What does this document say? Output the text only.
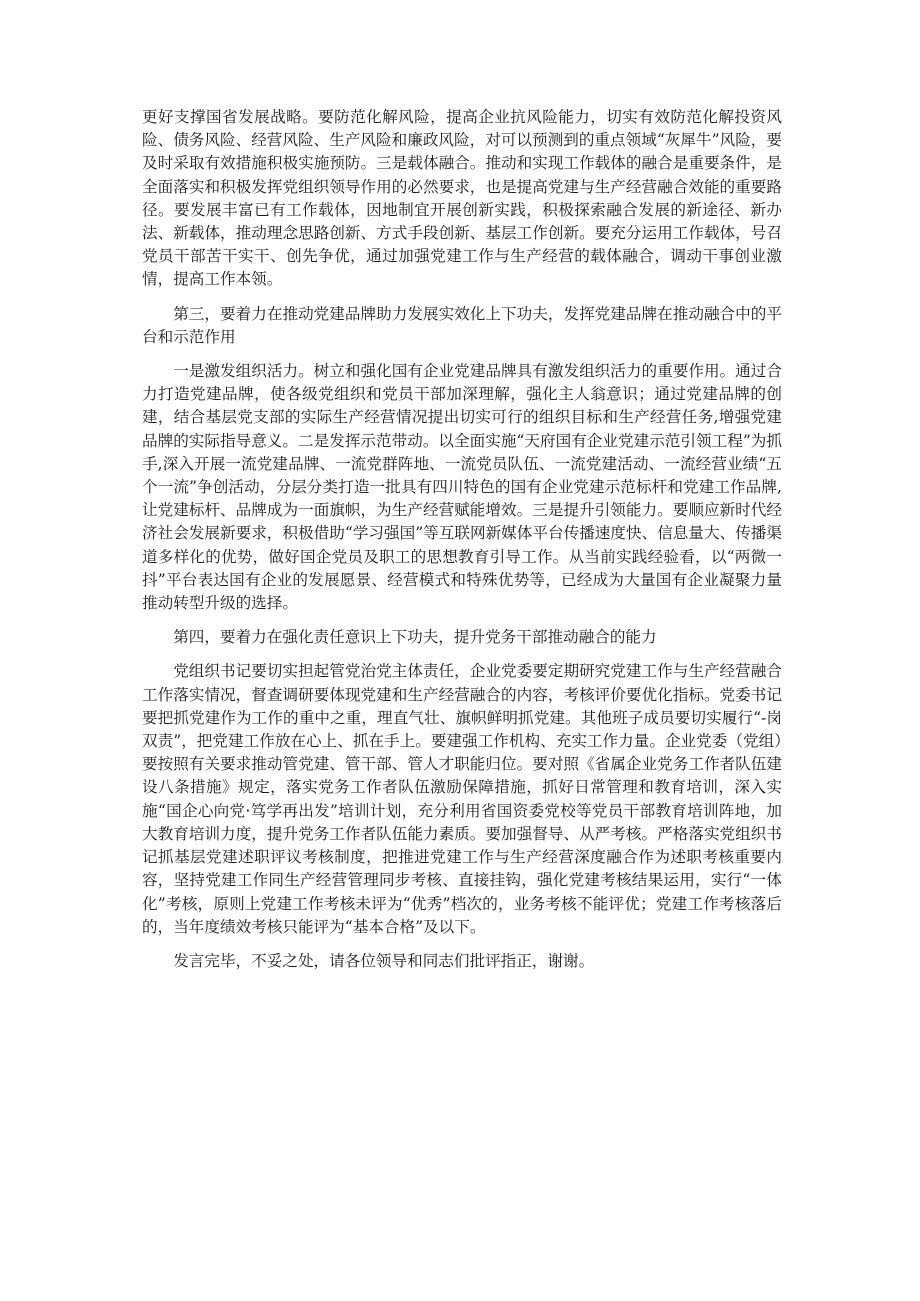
更好支撑国省发展战略。要防范化解风险，提高企业抗风险能力，切实有效防范化解投资风险、债务风险、经营风险、生产风险和廉政风险，对可以预测到的重点领域“灰犀牛”风险，要及时采取有效措施积极实施预防。三是载体融合。推动和实现工作载体的融合是重要条件，是全面落实和积极发挥党组织领导作用的必然要求，也是提高党建与生产经营融合效能的重要路径。要发展丰富已有工作载体，因地制宜开展创新实践，积极探索融合发展的新途径、新办法、新载体，推动理念思路创新、方式手段创新、基层工作创新。要充分运用工作载体，号召党员干部苦干实干、创先争优，通过加强党建工作与生产经营的载体融合，调动干事创业激情，提高工作本领。

第三，要着力在推动党建品牌助力发展实效化上下功夫，发挥党建品牌在推动融合中的平台和示范作用

一是激发组织活力。树立和强化国有企业党建品牌具有激发组织活力的重要作用。通过合力打造党建品牌，使各级党组织和党员干部加深理解，强化主人翁意识；通过党建品牌的创建，结合基层党支部的实际生产经营情况提出切实可行的组织目标和生产经营任务,增强党建品牌的实际指导意义。二是发挥示范带动。以全面实施“天府国有企业党建示范引领工程”为抓手,深入开展一流党建品牌、一流党群阵地、一流党员队伍、一流党建活动、一流经营业绩“五个一流”争创活动，分层分类打造一批具有四川特色的国有企业党建示范标杆和党建工作品牌,让党建标杆、品牌成为一面旗帜，为生产经营赋能增效。三是提升引领能力。要顺应新时代经济社会发展新要求，积极借助“学习强国”等互联网新媒体平台传播速度快、信息量大、传播渠道多样化的优势，做好国企党员及职工的思想教育引导工作。从当前实践经验看，以“两微一抖”平台表达国有企业的发展愿景、经营模式和特殊优势等，已经成为大量国有企业凝聚力量推动转型升级的选择。

第四，要着力在强化责任意识上下功夫，提升党务干部推动融合的能力

党组织书记要切实担起管党治党主体责任，企业党委要定期研究党建工作与生产经营融合工作落实情况，督查调研要体现党建和生产经营融合的内容，考核评价要优化指标。党委书记要把抓党建作为工作的重中之重，理直气壮、旗帜鲜明抓党建。其他班子成员要切实履行“-岗双责”，把党建工作放在心上、抓在手上。要建强工作机构、充实工作力量。企业党委（党组）要按照有关要求推动管党建、管干部、管人才职能归位。要对照《省属企业党务工作者队伍建设八条措施》规定，落实党务工作者队伍激励保障措施，抓好日常管理和教育培训，深入实施“国企心向党·笃学再出发”培训计划，充分利用省国资委党校等党员干部教育培训阵地，加大教育培训力度，提升党务工作者队伍能力素质。要加强督导、从严考核。严格落实党组织书记抓基层党建述职评议考核制度，把推进党建工作与生产经营深度融合作为述职考核重要内容，坚持党建工作同生产经营管理同步考核、直接挂钩，强化党建考核结果运用，实行“一体化”考核，原则上党建工作考核未评为“优秀”档次的，业务考核不能评优；党建工作考核落后的，当年度绩效考核只能评为“基本合格”及以下。

发言完毕，不妥之处，请各位领导和同志们批评指正，谢谢。
